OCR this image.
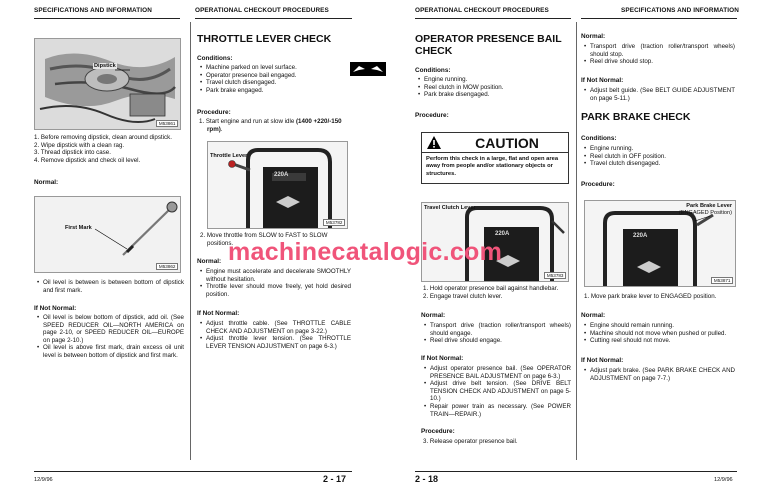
SPECIFICATIONS AND INFORMATION	OPERATIONAL CHECKOUT PROCEDURES
Dipstick
M53861
1. Before removing dipstick, clean around dipstick.
2. Wipe dipstick with a clean rag.
3. Thread dipstick into case.
4. Remove dipstick and check oil level.
Normal:
First Mark
M53862
• Oil level is between is between bottom of dipstick and first mark.
If Not Normal:
• Oil level is below bottom of dipstick, add oil. (See SPEED REDUCER OIL—NORTH AMERICA on page 2-10, or SPEED REDUCER OIL—EUROPE on page 2-10.)
• Oil level is above first mark, drain excess oil unit level is between bottom of dipstick and first mark.
THROTTLE LEVER CHECK
Conditions:
• Machine parked on level surface.
• Operator presence bail engaged.
• Travel clutch disengaged.
• Park brake engaged.
Procedure:
1. Start engine and run at slow idle (1400 +220/-150 rpm).
220A
Throttle Lever
M53782
2. Move throttle from SLOW to FAST to SLOW positions.
Normal:
• Engine must accelerate and decelerate SMOOTHLY without hesitation.
• Throttle lever should move freely, yet hold desired position.
If Not Normal:
• Adjust throttle cable. (See THROTTLE CABLE CHECK AND ADJUSTMENT on page 3-22.)
• Adjust throttle lever tension. (See THROTTLE LEVER TENSION ADJUSTMENT on page 6-3.)
12/9/96	2 - 17
OPERATIONAL CHECKOUT PROCEDURES	SPECIFICATIONS AND INFORMATION
OPERATOR PRESENCE BAIL
CHECK
Conditions:
• Engine running.
• Reel clutch in MOW position.
• Park brake disengaged.
Procedure:
CAUTION
Perform this check in a large, flat and open area away from people and/or stationary objects or structures.
220A
Travel Clutch Lever
M53783
1. Hold operator presence bail against handlebar.
2. Engage travel clutch lever.
Normal:
• Transport drive (traction roller/transport wheels) should engage.
• Reel drive should engage.
If Not Normal:
• Adjust operator presence bail. (See OPERATOR PRESENCE BAIL ADJUSTMENT on page 6-3.)
• Adjust drive belt tension. (See DRIVE BELT TENSION CHECK AND ADJUSTMENT on page 5-10.)
• Repair power train as necessary. (See POWER TRAIN—REPAIR.)
Procedure:
3. Release operator presence bail.
Normal:
• Transport drive (traction roller/transport wheels) should stop.
• Reel drive should stop.
If Not Normal:
• Adjust belt guide. (See BELT GUIDE ADJUSTMENT on page 5-11.)
PARK BRAKE CHECK
Conditions:
• Engine running.
• Reel clutch in OFF position.
• Travel clutch disengaged.
Procedure:
220A
Park Brake Lever
(ENGAGED Position)
M53871
1. Move park brake lever to ENGAGED position.
Normal:
• Engine should remain running.
• Machine should not move when pushed or pulled.
• Cutting reel should not move.
If Not Normal:
• Adjust park brake. (See PARK BRAKE CHECK AND ADJUSTMENT on page 7-7.)
2 - 18	12/9/96
machinecatalogic.com
